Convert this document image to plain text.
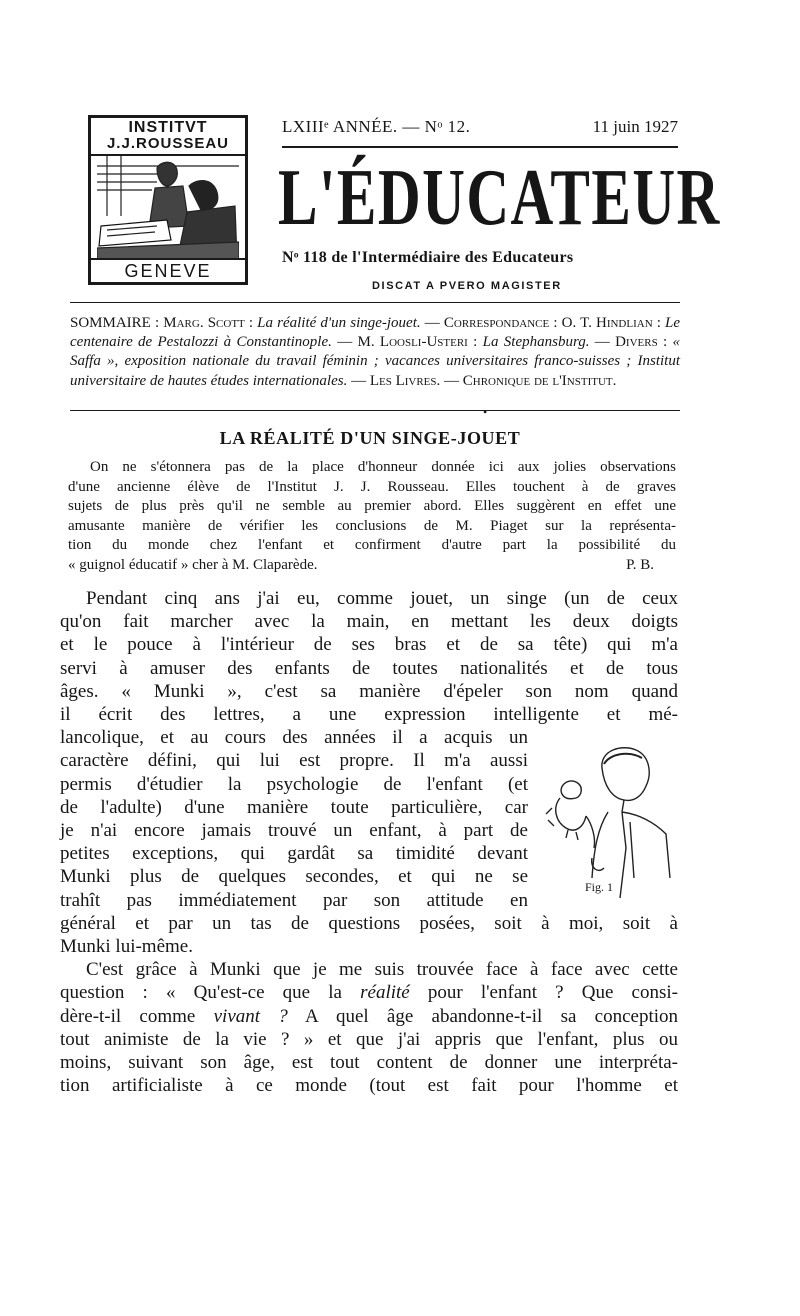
INSTITVT
J.J.ROUSSEAU
GENEVE
LXIIIᵉ ANNÉE. — Nᵒ 12.	11 juin 1927
L'ÉDUCATEUR
Nᵒ 118 de l'Intermédiaire des Educateurs
DISCAT A PVERO MAGISTER
SOMMAIRE : Marg. Scott : La réalité d'un singe-jouet. — Correspondance : O. T. Hindlian : Le centenaire de Pestalozzi à Constantinople. — M. Loosli-Usteri : La Stephansburg. — Divers : « Saffa », exposition nationale du travail féminin ; vacances universitaires franco-suisses ; Institut universitaire de hautes études internationales. — Les Livres. — Chronique de l'Institut.
•
LA RÉALITÉ D'UN SINGE-JOUET
On ne s'étonnera pas de la place d'honneur donnée ici aux jolies observations
d'une ancienne élève de l'Institut J. J. Rousseau. Elles touchent à de graves
sujets de plus près qu'il ne semble au premier abord. Elles suggèrent en effet une
amusante manière de vérifier les conclusions de M. Piaget sur la représenta-
tion du monde chez l'enfant et confirment d'autre part la possibilité du
« guignol éducatif » cher à M. Claparède.	P. B.
Pendant cinq ans j'ai eu, comme jouet, un singe (un de ceux
qu'on fait marcher avec la main, en mettant les deux doigts
et le pouce à l'intérieur de ses bras et de sa tête) qui m'a
servi à amuser des enfants de toutes nationalités et de tous
âges. « Munki », c'est sa manière d'épeler son nom quand
il écrit des lettres, a une expression intelligente et mé-
lancolique, et au cours des années il a acquis un
caractère défini, qui lui est propre. Il m'a aussi
permis d'étudier la psychologie de l'enfant (et
de l'adulte) d'une manière toute particulière, car
je n'ai encore jamais trouvé un enfant, à part de
petites exceptions, qui gardât sa timidité devant
Munki plus de quelques secondes, et qui ne se
trahît pas immédiatement par son attitude en
général et par un tas de questions posées, soit à moi, soit à
Munki lui-même.
C'est grâce à Munki que je me suis trouvée face à face avec cette
question : « Qu'est-ce que la réalité pour l'enfant ? Que consi-
dère-t-il comme vivant ? A quel âge abandonne-t-il sa conception
tout animiste de la vie ? » et que j'ai appris que l'enfant, plus ou
moins, suivant son âge, est tout content de donner une interpréta-
tion artificialiste à ce monde (tout est fait pour l'homme et
Fig. 1
